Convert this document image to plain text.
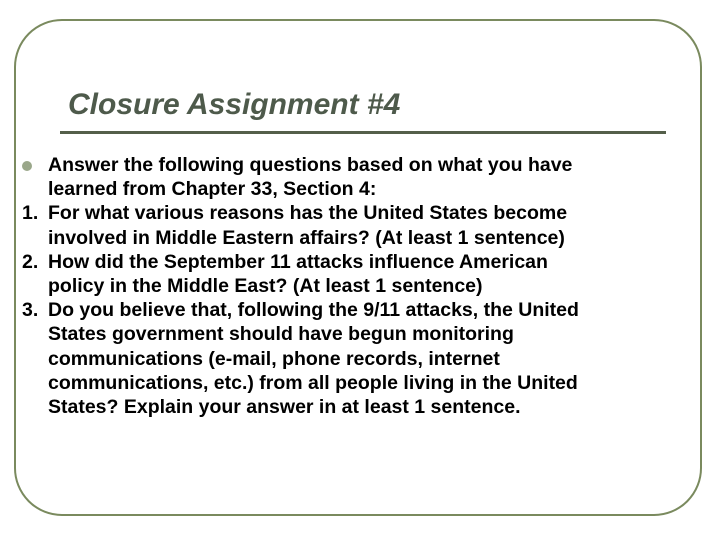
Closure Assignment #4
Answer the following questions based on what you have
learned from Chapter 33, Section 4:
1. For what various reasons has the United States become
involved in Middle Eastern affairs? (At least 1 sentence)
2. How did the September 11 attacks influence American
policy in the Middle East? (At least 1 sentence)
3. Do you believe that, following the 9/11 attacks, the United
States government should have begun monitoring
communications (e-mail, phone records, internet
communications, etc.) from all people living in the United
States? Explain your answer in at least 1 sentence.
